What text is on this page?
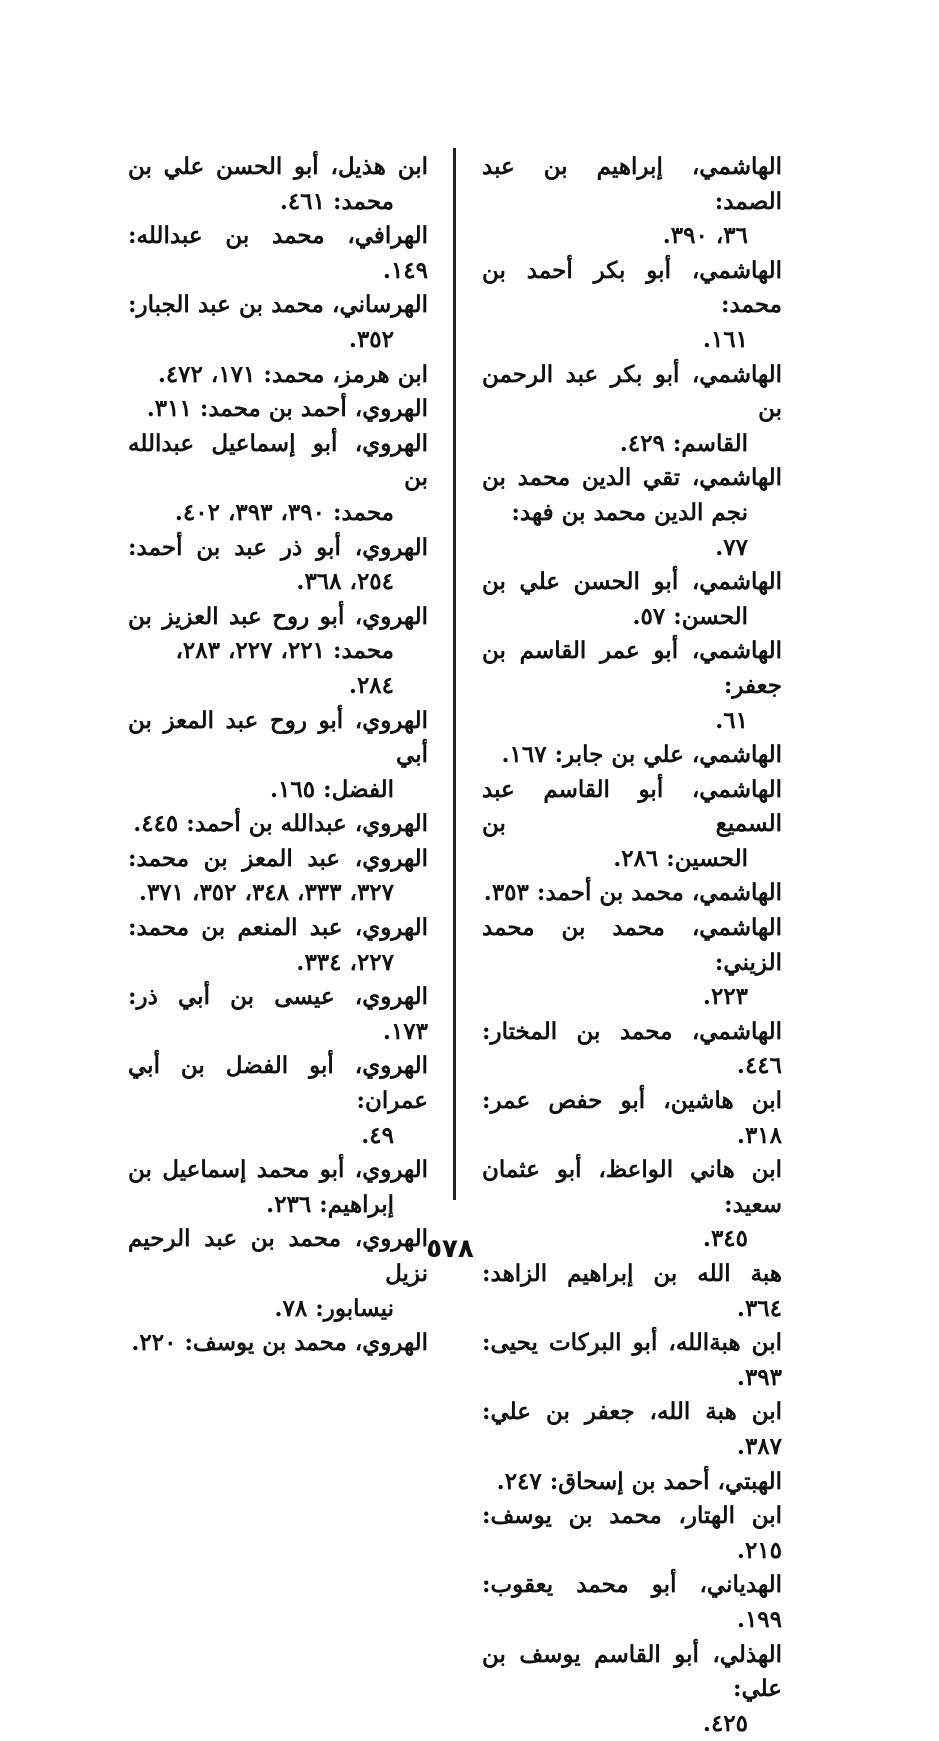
الهاشمي، إبراهيم بن عبد الصمد:
٣٦، ٣٩٠.
الهاشمي، أبو بكر أحمد بن محمد:
١٦١.
الهاشمي، أبو بكر عبد الرحمن بن
القاسم: ٤٢٩.
الهاشمي، تقي الدين محمد بن
نجم الدين محمد بن فهد: ٧٧.
الهاشمي، أبو الحسن علي بن
الحسن: ٥٧.
الهاشمي، أبو عمر القاسم بن جعفر:
٦١.
الهاشمي، علي بن جابر: ١٦٧.
الهاشمي، أبو القاسم عبد السميع بن
الحسين: ٢٨٦.
الهاشمي، محمد بن أحمد: ٣٥٣.
الهاشمي، محمد بن محمد الزيني:
٢٢٣.
الهاشمي، محمد بن المختار: ٤٤٦.
ابن هاشين، أبو حفص عمر: ٣١٨.
ابن هاني الواعظ، أبو عثمان سعيد:
٣٤٥.
هبة الله بن إبراهيم الزاهد: ٣٦٤.
ابن هبةالله، أبو البركات يحيى: ٣٩٣.
ابن هبة الله، جعفر بن علي: ٣٨٧.
الهبتي، أحمد بن إسحاق: ٢٤٧.
ابن الهتار، محمد بن يوسف: ٢١٥.
الهدياني، أبو محمد يعقوب: ١٩٩.
الهذلي، أبو القاسم يوسف بن علي:
٤٢٥.
ابن هذيل، أبو الحسن علي بن
محمد: ٤٦١.
الهرافي، محمد بن عبدالله: ١٤٩.
الهرساني، محمد بن عبد الجبار:
٣٥٢.
ابن هرمز، محمد: ١٧١، ٤٧٢.
الهروي، أحمد بن محمد: ٣١١.
الهروي، أبو إسماعيل عبدالله بن
محمد: ٣٩٠، ٣٩٣، ٤٠٢.
الهروي، أبو ذر عبد بن أحمد:
٢٥٤، ٣٦٨.
الهروي، أبو روح عبد العزيز بن
محمد: ٢٢١، ٢٢٧، ٢٨٣، ٢٨٤.
الهروي، أبو روح عبد المعز بن أبي
الفضل: ١٦٥.
الهروي، عبدالله بن أحمد: ٤٤٥.
الهروي، عبد المعز بن محمد:
٣٢٧، ٣٣٣، ٣٤٨، ٣٥٢، ٣٧١.
الهروي، عبد المنعم بن محمد:
٢٢٧، ٣٣٤.
الهروي، عيسى بن أبي ذر: ١٧٣.
الهروي، أبو الفضل بن أبي عمران:
٤٩.
الهروي، أبو محمد إسماعيل بن
إبراهيم: ٢٣٦.
الهروي، محمد بن عبد الرحيم نزيل
نيسابور: ٧٨.
الهروي، محمد بن يوسف: ٢٢٠.
٥٧٨
